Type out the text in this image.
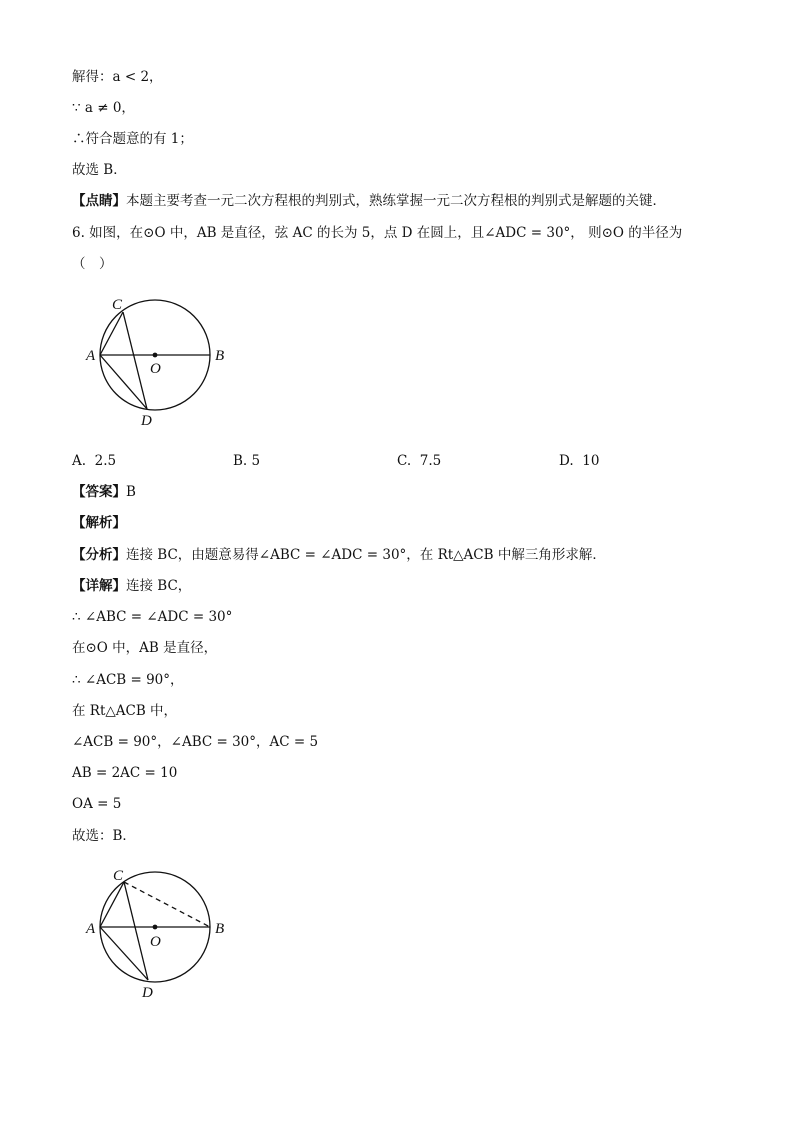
解得：a < 2，

∵ a ≠ 0，

∴符合题意的有 1；

故选 B．

【点睛】本题主要考查一元二次方程根的判别式，熟练掌握一元二次方程根的判别式是解题的关键．

6. 如图，在⊙O 中，AB 是直径，弦 AC 的长为 5，点 D 在圆上，且∠ADC = 30°， 则⊙O 的半径为

（　）

C
A	B
O
D
A. 2.5	B. 5	C. 7.5	D. 10

【答案】B

【解析】

【分析】连接 BC，由题意易得∠ABC = ∠ADC = 30°，在 Rt△ACB 中解三角形求解．

【详解】连接 BC，

∴ ∠ABC = ∠ADC = 30°

在⊙O 中，AB 是直径，

∴ ∠ACB = 90°，

在 Rt△ACB 中，

∠ACB = 90°，∠ABC = 30°，AC = 5

AB = 2AC = 10

OA = 5

故选：B．

C
A	B
O
D
